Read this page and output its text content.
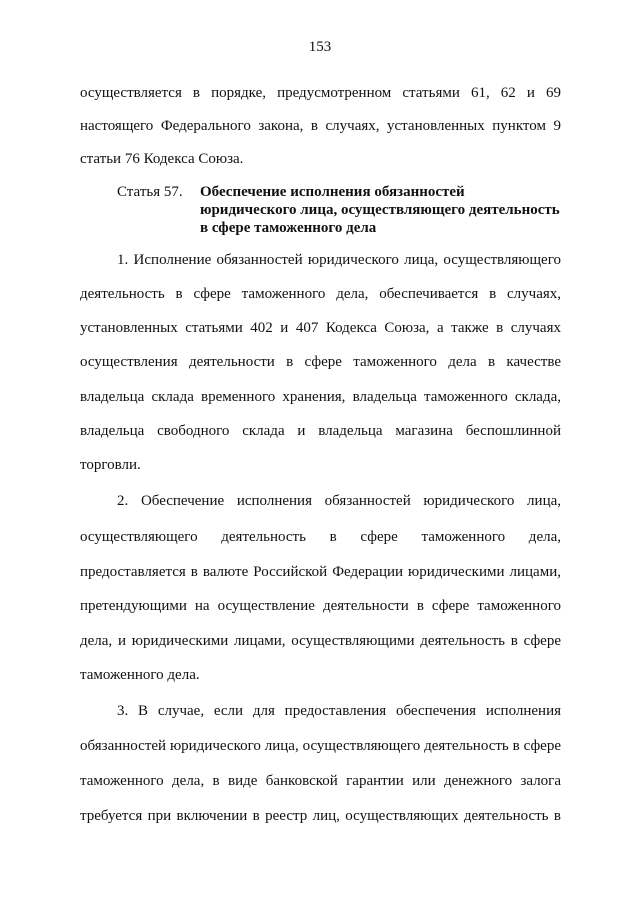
153
осуществляется в порядке, предусмотренном статьями 61, 62 и 69
настоящего Федерального закона, в случаях, установленных пунктом 9
статьи 76 Кодекса Союза.
Статья 57. Обеспечение исполнения обязанностей
юридического лица, осуществляющего деятельность
в сфере таможенного дела
1. Исполнение обязанностей юридического лица, осуществляющего
деятельность в сфере таможенного дела, обеспечивается в случаях,
установленных статьями 402 и 407 Кодекса Союза, а также в случаях
осуществления деятельности в сфере таможенного дела в качестве
владельца склада временного хранения, владельца таможенного склада,
владельца свободного склада и владельца магазина беспошлинной
торговли.
2. Обеспечение исполнения обязанностей юридического лица,
осуществляющего деятельность в сфере таможенного дела,
предоставляется в валюте Российской Федерации юридическими лицами,
претендующими на осуществление деятельности в сфере таможенного
дела, и юридическими лицами, осуществляющими деятельность в сфере
таможенного дела.
3. В случае, если для предоставления обеспечения исполнения
обязанностей юридического лица, осуществляющего деятельность в сфере
таможенного дела, в виде банковской гарантии или денежного залога
требуется при включении в реестр лиц, осуществляющих деятельность в
